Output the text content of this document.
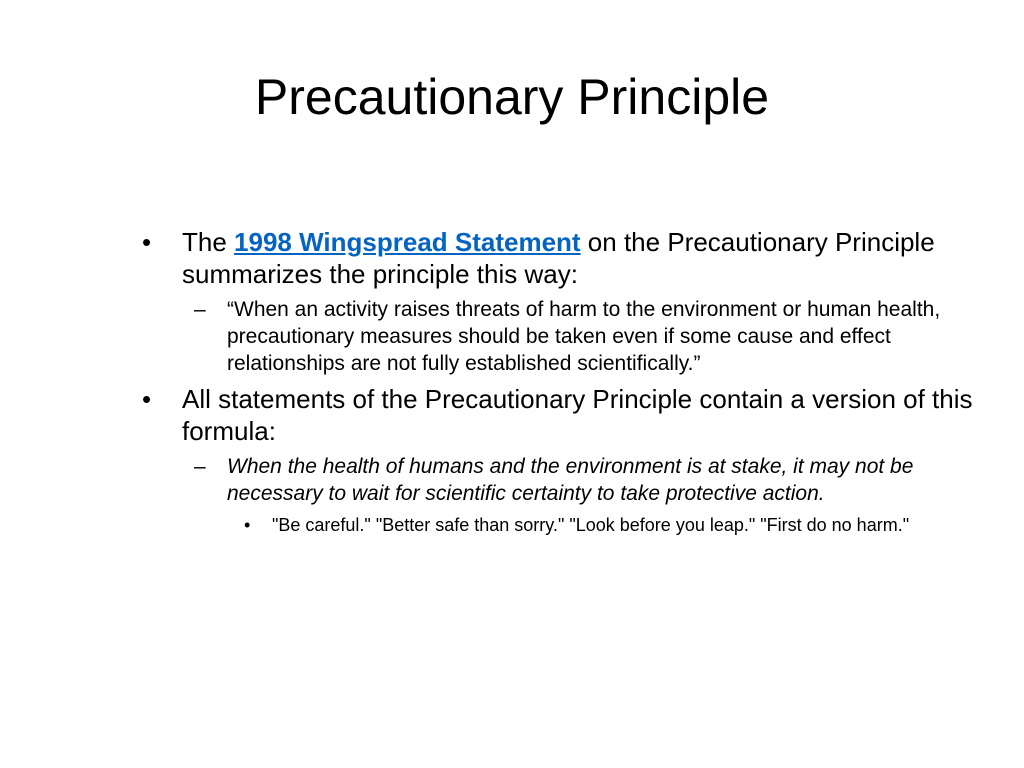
Precautionary Principle
• The 1998 Wingspread Statement on the Precautionary Principle summarizes the principle this way:
– “When an activity raises threats of harm to the environment or human health, precautionary measures should be taken even if some cause and effect relationships are not fully established scientifically.”
• All statements of the Precautionary Principle contain a version of this formula:
– When the health of humans and the environment is at stake, it may not be necessary to wait for scientific certainty to take protective action.
• "Be careful." "Better safe than sorry." "Look before you leap." "First do no harm."
